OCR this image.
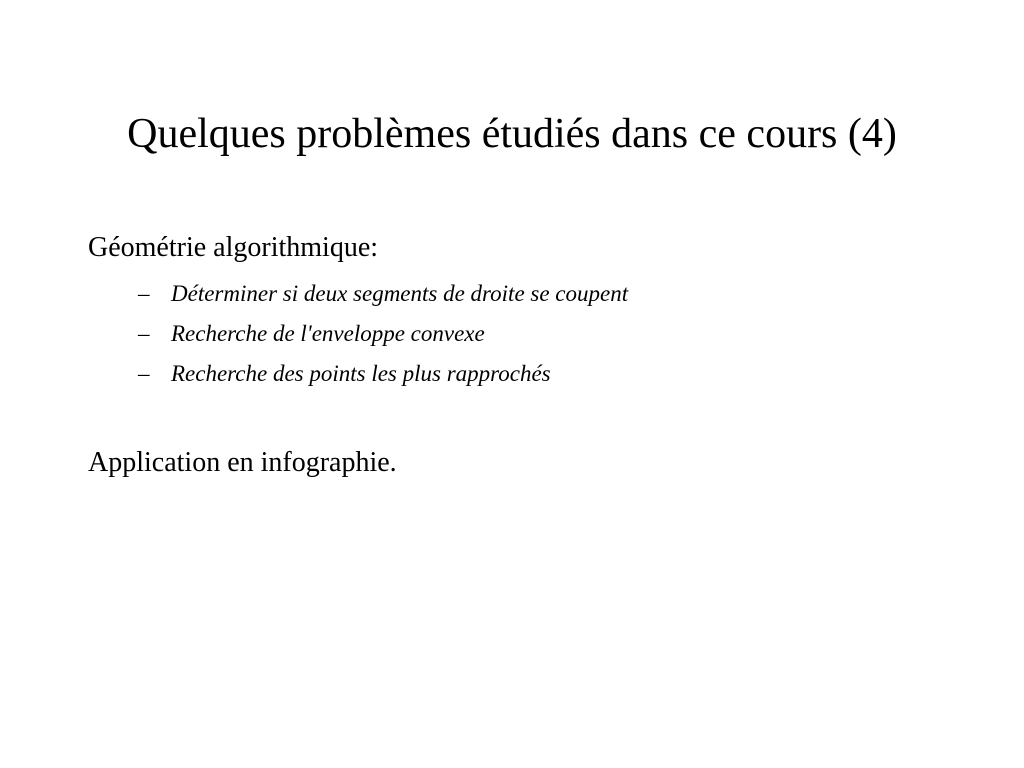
Quelques problèmes étudiés dans ce cours (4)
Géométrie algorithmique:
– Déterminer si deux segments de droite se coupent
– Recherche de l'enveloppe convexe
– Recherche des points les plus rapprochés
Application en infographie.
